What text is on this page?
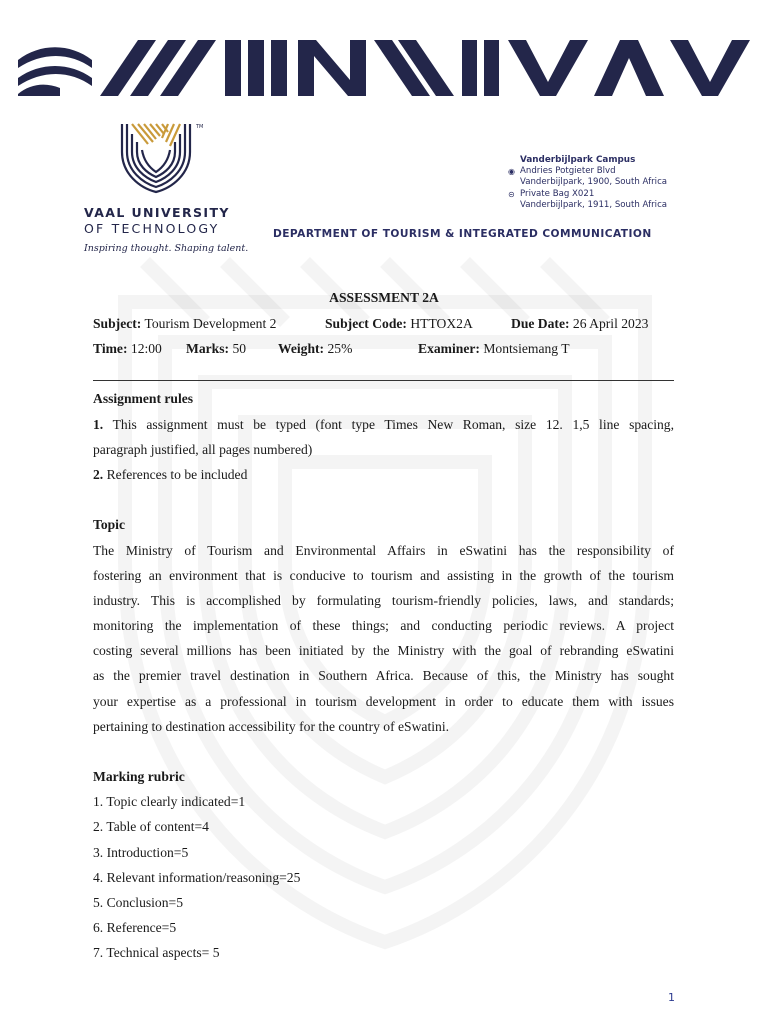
TM
VAAL UNIVERSITY
OF TECHNOLOGY
Inspiring thought. Shaping talent.
Vanderbijlpark Campus
◉ Andries Potgieter Blvd
Vanderbijlpark, 1900, South Africa
⊝ Private Bag X021
Vanderbijlpark, 1911, South Africa
DEPARTMENT OF TOURISM & INTEGRATED COMMUNICATION
ASSESSMENT 2A
Subject: Tourism Development 2	Subject Code: HTTOX2A	Due Date: 26 April 2023
Time: 12:00 Marks: 50 Weight: 25%	Examiner: Montsiemang T
Assignment rules
1. This assignment must be typed (font type Times New Roman, size 12. 1,5 line spacing,
paragraph justified, all pages numbered)
2. References to be included
Topic
The Ministry of Tourism and Environmental Affairs in eSwatini has the responsibility of
fostering an environment that is conducive to tourism and assisting in the growth of the tourism
industry. This is accomplished by formulating tourism-friendly policies, laws, and standards;
monitoring the implementation of these things; and conducting periodic reviews. A project
costing several millions has been initiated by the Ministry with the goal of rebranding eSwatini
as the premier travel destination in Southern Africa. Because of this, the Ministry has sought
your expertise as a professional in tourism development in order to educate them with issues
pertaining to destination accessibility for the country of eSwatini.
Marking rubric
1. Topic clearly indicated=1
2. Table of content=4
3. Introduction=5
4. Relevant information/reasoning=25
5. Conclusion=5
6. Reference=5
7. Technical aspects= 5
1
